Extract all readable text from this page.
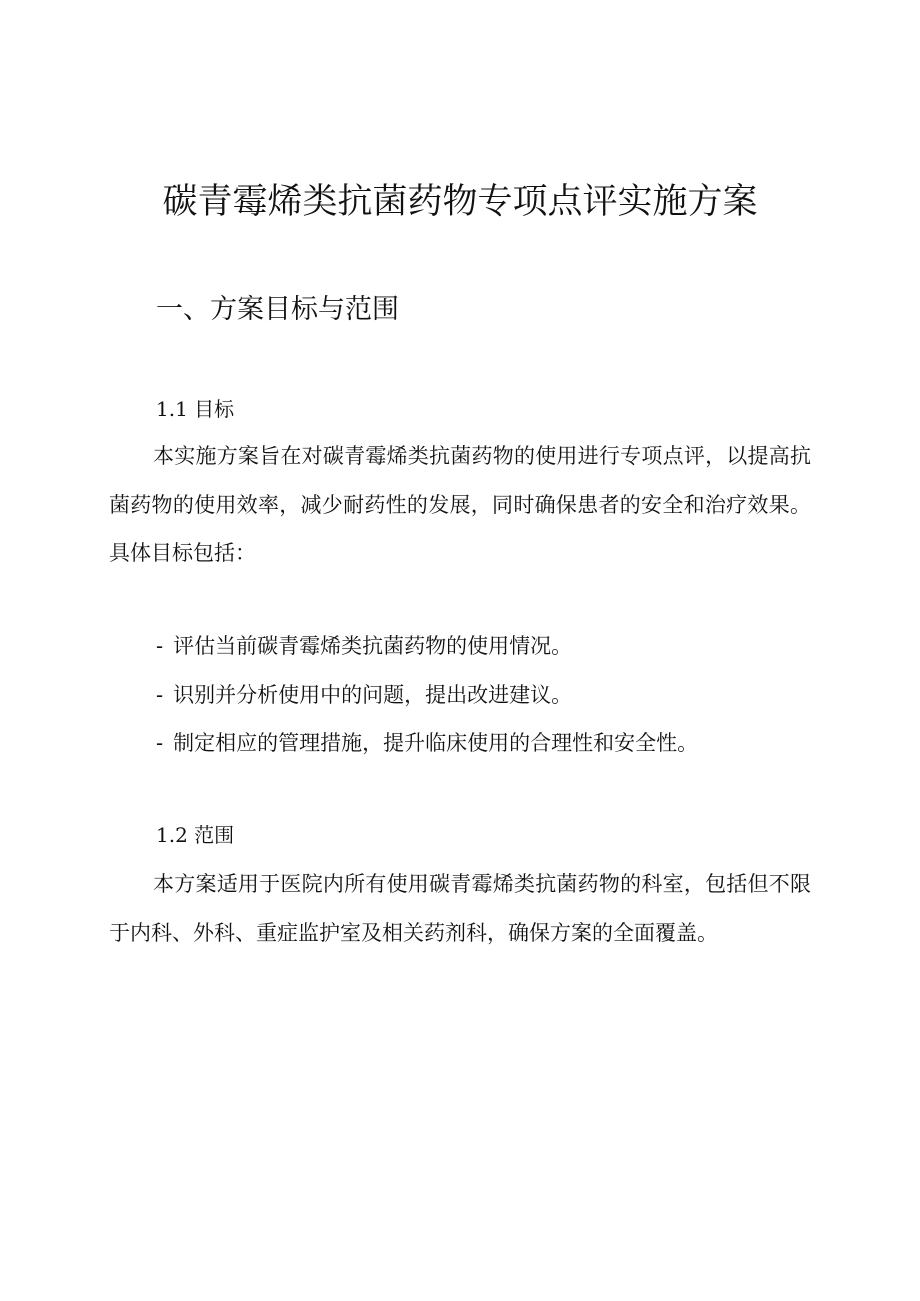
碳青霉烯类抗菌药物专项点评实施方案
一、方案目标与范围
1.1 目标

本实施方案旨在对碳青霉烯类抗菌药物的使用进行专项点评，以提高抗菌药物的使用效率，减少耐药性的发展，同时确保患者的安全和治疗效果。具体目标包括：

- 评估当前碳青霉烯类抗菌药物的使用情况。
- 识别并分析使用中的问题，提出改进建议。
- 制定相应的管理措施，提升临床使用的合理性和安全性。
1.2 范围

本方案适用于医院内所有使用碳青霉烯类抗菌药物的科室，包括但不限于内科、外科、重症监护室及相关药剂科，确保方案的全面覆盖。
